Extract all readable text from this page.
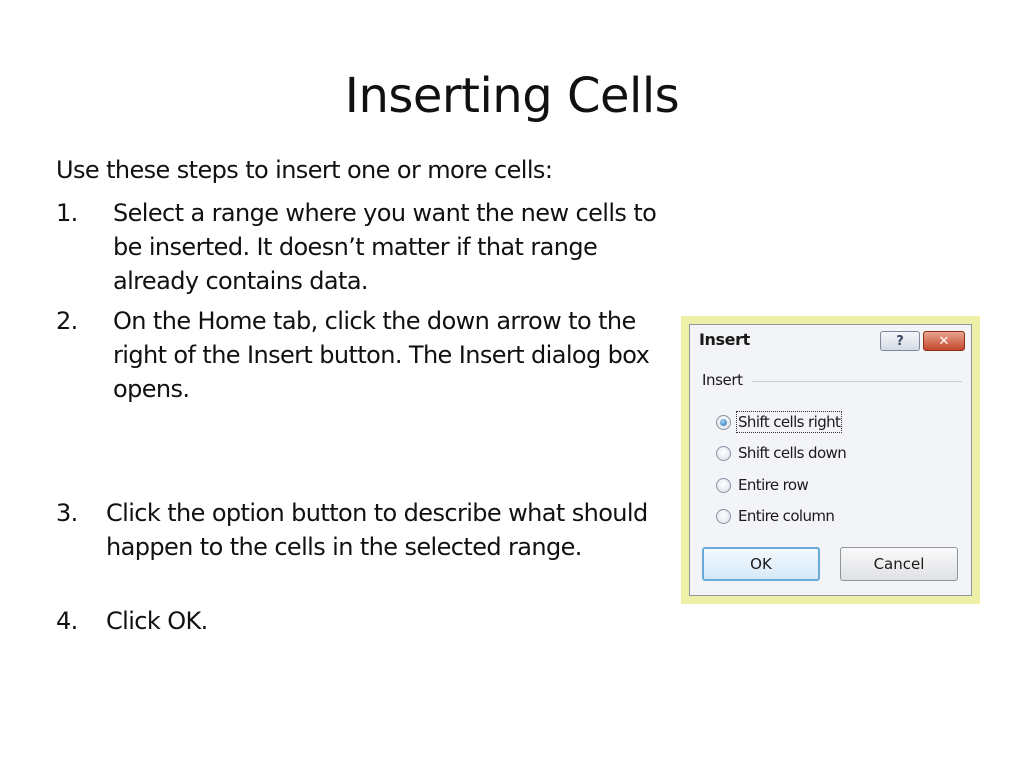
Inserting Cells
Use these steps to insert one or more cells:
1. Select a range where you want the new cells to be inserted. It doesn’t matter if that range already contains data.
2. On the Home tab, click the down arrow to the right of the Insert button. The Insert dialog box opens.
3. Click the option button to describe what should happen to the cells in the selected range.
4. Click OK.
Insert	?	✕
Insert
Shift cells right
Shift cells down
Entire row
Entire column
OK	Cancel
